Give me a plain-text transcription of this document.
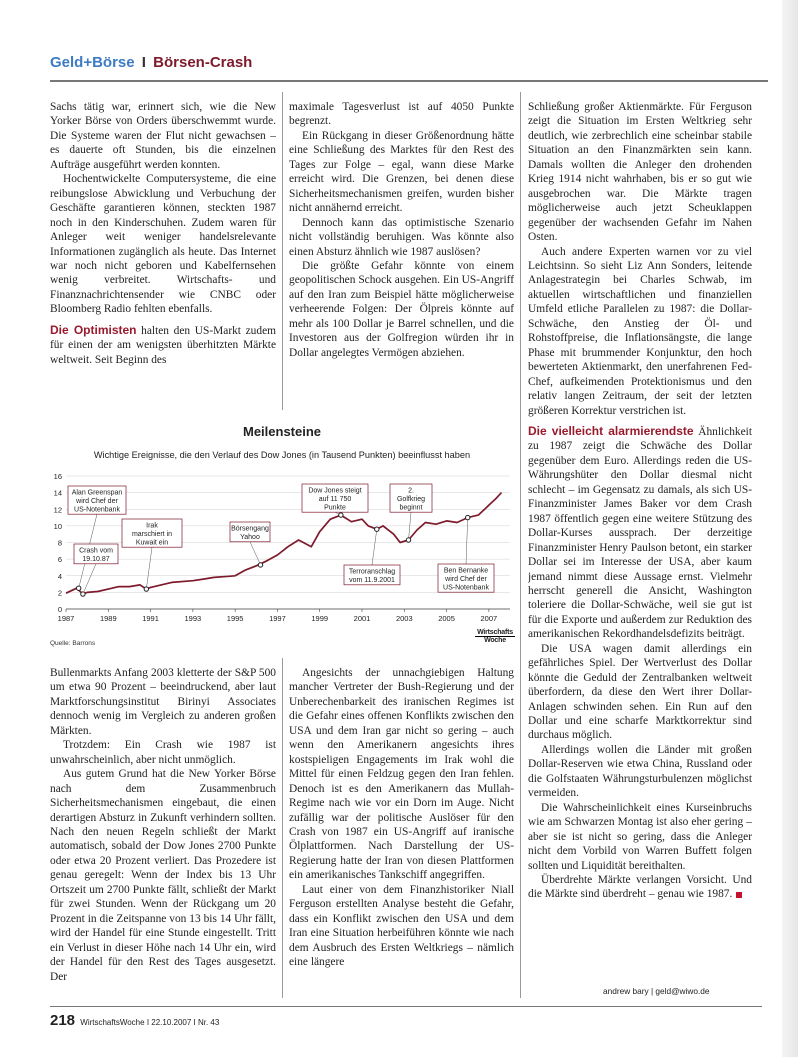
Geld+Börse I Börsen-Crash

Sachs tätig war, erinnert sich, wie die New Yorker Börse von Orders überschwemmt wurde. Die Systeme waren der Flut nicht gewachsen – es dauerte oft Stunden, bis die einzelnen Aufträge ausgeführt werden konnten.

Hochentwickelte Computersysteme, die eine reibungslose Abwicklung und Verbuchung der Geschäfte garantieren können, steckten 1987 noch in den Kinderschuhen. Zudem waren für Anleger weit weniger handelsrelevante Informationen zugänglich als heute. Das Internet war noch nicht geboren und Kabelfernsehen wenig verbreitet. Wirtschafts- und Finanznachrichtensender wie CNBC oder Bloomberg Radio fehlten ebenfalls.

Die Optimisten halten den US-Markt zudem für einen der am wenigsten überhitzten Märkte weltweit. Seit Beginn des

maximale Tagesverlust ist auf 4050 Punkte begrenzt.

Ein Rückgang in dieser Größenordnung hätte eine Schließung des Marktes für den Rest des Tages zur Folge – egal, wann diese Marke erreicht wird. Die Grenzen, bei denen diese Sicherheitsmechanismen greifen, wurden bisher nicht annähernd erreicht.

Dennoch kann das optimistische Szenario nicht vollständig beruhigen. Was könnte also einen Absturz ähnlich wie 1987 auslösen?

Die größte Gefahr könnte von einem geopolitischen Schock ausgehen. Ein US-Angriff auf den Iran zum Beispiel hätte möglicherweise verheerende Folgen: Der Ölpreis könnte auf mehr als 100 Dollar je Barrel schnellen, und die Investoren aus der Golfregion würden ihr in Dollar angelegtes Vermögen abziehen.

Schließung großer Aktienmärkte. Für Ferguson zeigt die Situation im Ersten Weltkrieg sehr deutlich, wie zerbrechlich eine scheinbar stabile Situation an den Finanzmärkten sein kann. Damals wollten die Anleger den drohenden Krieg 1914 nicht wahrhaben, bis er so gut wie ausgebrochen war. Die Märkte tragen möglicherweise auch jetzt Scheuklappen gegenüber der wachsenden Gefahr im Nahen Osten.

Auch andere Experten warnen vor zu viel Leichtsinn. So sieht Liz Ann Sonders, leitende Anlagestrategin bei Charles Schwab, im aktuellen wirtschaftlichen und finanziellen Umfeld etliche Parallelen zu 1987: die Dollar-Schwäche, den Anstieg der Öl- und Rohstoffpreise, die Inflationsängste, die lange Phase mit brummender Konjunktur, den hoch bewerteten Aktienmarkt, den unerfahrenen Fed-Chef, aufkeimenden Protektionismus und den relativ langen Zeitraum, der seit der letzten größeren Korrektur verstrichen ist.

Die vielleicht alarmierendste Ähnlichkeit zu 1987 zeigt die Schwäche des Dollar gegenüber dem Euro. Allerdings reden die US-Währungshüter den Dollar diesmal nicht schlecht – im Gegensatz zu damals, als sich US-Finanzminister James Baker vor dem Crash 1987 öffentlich gegen eine weitere Stützung des Dollar-Kurses aussprach. Der derzeitige Finanzminister Henry Paulson betont, ein starker Dollar sei im Interesse der USA, aber kaum jemand nimmt diese Aussage ernst. Vielmehr herrscht generell die Ansicht, Washington toleriere die Dollar-Schwäche, weil sie gut ist für die Exporte und außerdem zur Reduktion des amerikanischen Rekordhandelsdefizits beiträgt.

Die USA wagen damit allerdings ein gefährliches Spiel. Der Wertverlust des Dollar könnte die Geduld der Zentralbanken weltweit überfordern, da diese den Wert ihrer Dollar-Anlagen schwinden sehen. Ein Run auf den Dollar und eine scharfe Marktkorrektur sind durchaus möglich.

Allerdings wollen die Länder mit großen Dollar-Reserven wie etwa China, Russland oder die Golfstaaten Währungsturbulenzen möglichst vermeiden.

Die Wahrscheinlichkeit eines Kurseinbruchs wie am Schwarzen Montag ist also eher gering – aber sie ist nicht so gering, dass die Anleger nicht dem Vorbild von Warren Buffett folgen sollten und Liquidität bereithalten.

Überdrehte Märkte verlangen Vorsicht. Und die Märkte sind überdreht – genau wie 1987.

andrew bary | geld@wiwo.de
Meilensteine
Wichtige Ereignisse, die den Verlauf des Dow Jones (in Tausend Punkten) beeinflusst haben
0
2
4
6
8
10
12
14
16
1987	1989	1991	1993	1995	1997	1999	2001	2003	2005	2007
Alan Greenspan wird Chef der US-Notenbank
Crash vom 19.10.87
Irak marschiert in Kuwait ein
Börsengang Yahoo
Dow Jones steigt auf 11 750 Punkte
Terroranschlag vom 11.9.2001
2. Golfkrieg beginnt
Ben Bernanke wird Chef der US-Notenbank
Quelle: Barrons
Wirtschafts
Woche

Bullenmarkts Anfang 2003 kletterte der S&P 500 um etwa 90 Prozent – beeindruckend, aber laut Marktforschungsinstitut Birinyi Associates dennoch wenig im Vergleich zu anderen großen Märkten.

Trotzdem: Ein Crash wie 1987 ist unwahrscheinlich, aber nicht unmöglich.

Aus gutem Grund hat die New Yorker Börse nach dem Zusammenbruch Sicherheitsmechanismen eingebaut, die einen derartigen Absturz in Zukunft verhindern sollten. Nach den neuen Regeln schließt der Markt automatisch, sobald der Dow Jones 2700 Punkte oder etwa 20 Prozent verliert. Das Prozedere ist genau geregelt: Wenn der Index bis 13 Uhr Ortszeit um 2700 Punkte fällt, schließt der Markt für zwei Stunden. Wenn der Rückgang um 20 Prozent in die Zeitspanne von 13 bis 14 Uhr fällt, wird der Handel für eine Stunde eingestellt. Tritt ein Verlust in dieser Höhe nach 14 Uhr ein, wird der Handel für den Rest des Tages ausgesetzt. Der

Angesichts der unnachgiebigen Haltung mancher Vertreter der Bush-Regierung und der Unberechenbarkeit des iranischen Regimes ist die Gefahr eines offenen Konflikts zwischen den USA und dem Iran gar nicht so gering – auch wenn den Amerikanern angesichts ihres kostspieligen Engagements im Irak wohl die Mittel für einen Feldzug gegen den Iran fehlen. Denoch ist es den Amerikanern das Mullah-Regime nach wie vor ein Dorn im Auge. Nicht zufällig war der politische Auslöser für den Crash von 1987 ein US-Angriff auf iranische Ölplattformen. Nach Darstellung der US-Regierung hatte der Iran von diesen Plattformen ein amerikanisches Tankschiff angegriffen.

Laut einer von dem Finanzhistoriker Niall Ferguson erstellten Analyse besteht die Gefahr, dass ein Konflikt zwischen den USA und dem Iran eine Situation herbeiführen könnte wie nach dem Ausbruch des Ersten Weltkriegs – nämlich eine längere

218 WirtschaftsWoche I 22.10.2007 I Nr. 43
